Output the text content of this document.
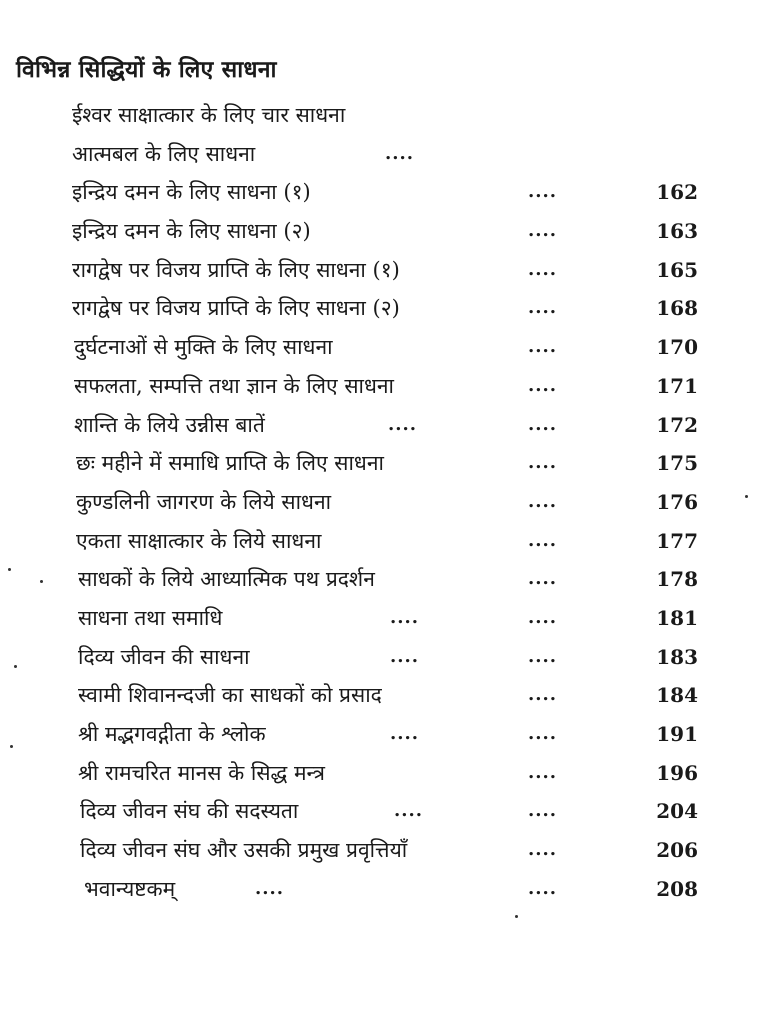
विभिन्न सिद्धियों के लिए साधना
ईश्वर साक्षात्कार के लिए चार साधना
आत्मबल के लिए साधना	....
इन्द्रिय दमन के लिए साधना (१)	....	162
इन्द्रिय दमन के लिए साधना (२)	....	163
रागद्वेष पर विजय प्राप्ति के लिए साधना (१)	....	165
रागद्वेष पर विजय प्राप्ति के लिए साधना (२)	....	168
दुर्घटनाओं से मुक्ति के लिए साधना	....	170
सफलता, सम्पत्ति तथा ज्ञान के लिए साधना	....	171
शान्ति के लिये उन्नीस बातें	....	....	172
छः महीने में समाधि प्राप्ति के लिए साधना	....	175
कुण्डलिनी जागरण के लिये साधना	....	176
एकता साक्षात्कार के लिये साधना	....	177
साधकों के लिये आध्यात्मिक पथ प्रदर्शन	....	178
साधना तथा समाधि	....	....	181
दिव्य जीवन की साधना	....	....	183
स्वामी शिवानन्दजी का साधकों को प्रसाद	....	184
श्री मद्भगवद्गीता के श्लोक	....	....	191
श्री रामचरित मानस के सिद्ध मन्त्र	....	196
दिव्य जीवन संघ की सदस्यता	....	....	204
दिव्य जीवन संघ और उसकी प्रमुख प्रवृत्तियाँ	....	206
भवान्यष्टकम्	....	....	208
